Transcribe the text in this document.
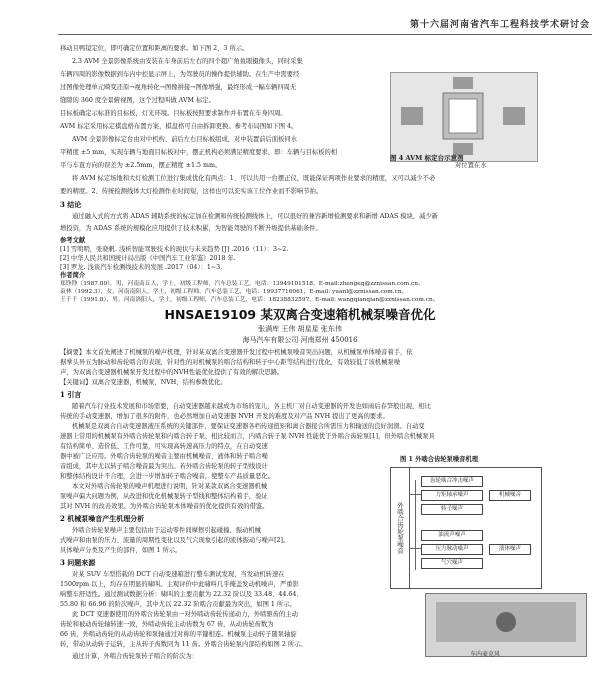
第十六届河南省汽车工程科技学术研讨会
移动且鸭镜定位，即可确定位置和距离的要求。如下图 2、3 所示。
2.3 AVM 全景影像系统由安装在车身前后左右的四个超广角鱼眼摄像头，同时采集
车辆四周的影像数据到车内中控显示屏上，为驾驶员的操作提供辅助。在生产中需要经
过图像处理单元畸变还原→视角转化→图像拼接→图像增强，最终形成一幅车辆四周无
缝隙的 360 度全景俯视图，这个过程叫做 AVM 标定。
目标板确定示标准的目标板，灯光环境。目标板按照要求制作并布置在车身四周。
AVM 标定采用标定棋盘格布置方案，棋盘格可自由拆卸更换。参考布局图如下图 4。
AVM 全景影像标定台由对中机构、前后左右目标板组成，对中装置前后面板同水
平精度 ±5 mm，实现车辆与地面目标板对中，摆正机构必须满足精度要求，即：车辆与目标板的相
平与车直方向的误差为 ±2.5mm，摆正精度 ±1.5 mm。
将 AVM 标定场地和大灯检测工位进行集成优化有两点：1、可以共用一台摆正仪，既能保证两项作业要求的精度，又可以减少不必
要的精度。2、传统检测线体大灯检测作业时间短，这样也可以充实该工位作业而不影响节拍。
图 4 AVM 标定台示意图
对位置在水
3 结论
通过融入式的方式将 ADAS 辅助系统的标定加在检测和传统检测线体上，可以很好的兼容新增检测要求和新增 ADAS 模块，减少新
增投资，为 ADAS 系统的规模化应用提供了技术积累，为智能驾驶的不断升级提供基础条件。
参考文献
[1] 雪明明，张晓帆. 浅析智能驾驶技术的现状与未来趋势 [J] .2016（11）：3~2.
[2] 中华人民共和国统计局出版《中国汽车工业年鉴》2018 年.
[3] 罗龙. 浅谈汽车检测线技术的发展 .2017（04）：1~3.
作者简介
郑铮铮（1987.09），男，河南南丘人，学士，初级工程师，汽车总装工艺，电话：13949101518，E-mail:zhengeq@zznissan.com.cn。
袁林（1992.3），女，河南南阳人，学士，初级工程师，汽车总装工艺，电话：19937716061，E-mail: yuanl@zznissan.com.cn。
王千千（1991.8），男，河南洛阳人，学士，初级工程师，汽车总装工艺，电话：18238832597，E-mail: wangqianqian@zznissan.com.cn。
HNSAE19109 某双离合变速箱机械泵噪音优化
张满库 王伟 胡星星 张东伟
海马汽车有限公司 河南郑州 450016
【摘要】本文首先阐述了机械泵的噪声机理，针对某双离合变速器开发过程中机械泵噪音突出问题，从机械泵单体噪音着手，依
据拳头异五为脉动和齿轮啮合的表现，针对性的对机械泵的啮合结构和转子中心距等结构进行优化，有效较低了该机械泵噪
声，为双离合变速器机械泵开发过程中的NVH性能优化提供了有效的解决思路。
【关键词】双离合变速器，机械泵，NVH，结构参数优化。
1 引言
随着汽车行业技术发展和市场需要，自动变速器越来越成为市场的宠儿，各主机厂对自动变速器的开发也如雨后春笋般出现，相比
传统的手动变速器，增加了很多的附件，也必然增加自动变速器 NVH 开发的难度及对产品 NVH 提出了更高的要求。
机械泵是双离合自动变速器液压系统的关键部件，要保证变速器各档传递扭矩和离合器接合所需压力和输送的良好润滑。自动变
速器上常用的机械泵有外啮合齿轮泵和内啮合转子泵，相比较而言，内啮合转子泵 NVH 性能优于外啮合齿轮泵[1]，但外啮合机械泵具
有结构简单、造价低、工作可靠，可实现高转速高压力的特点，在自动变速
器中被广泛应用。外啮合齿轮泵的噪音主要由机械噪音、液体和转子啮合噪
音组成，其中尤以转子啮合噪音最为突出。若外啮合齿轮泵的转子型线设计
和整体结构设计不合理，会进一步增加转子啮合噪音，使整车产品质量恶化。
本文对外啮合齿轮泵的噪声机理进行说明，针对某款双离合变速器机械
泵噪声偏大问题为例，从改进和优化机械泵转子型线和整体结构着手，验证
其对 NVH 的改善效果。为外啮合齿轮泵本体噪音的优化提供有效的借鉴。
2 机械泵噪音产生机理分析
外啮合齿轮泵噪声主要包括由于运动零件间摩擦引起碰撞、振动机械
式噪声和由泵的压力、流量的周期性变化以及气穴现象引起的流体振动与噪声[2]。
具体噪声分类及产生的部件，如图 1 所示。
3 问题来源
对某 SUV 车型搭载的 DCT 自动变速箱进行整车测试发现，当发动机转速在
1500rpm 以上，均存在明显的啸叫。主观评价中此啸叫几乎掩盖发动机噪声，严重影
响整车舒适性。通过测试数据分析：啸叫的主要贡献为 22.32 阶以及 33.48、44.64、
55.80 和 66.96 的阶次噪声，其中尤以 22.32 阶啮合贡献最为突出，如图 1 所示。
此 DCT 变速器使用的外啮合齿轮泵由一对外啮动齿轮传递动力，外啮驱齿的主动
齿轮和被动齿轮轴转速一致，外啮动齿轮主动齿数为 67 齿，从动齿轮齿数为
66 齿，外啮动齿轮的从动齿轮和泵轴通过对称的平键相连。机械泵主动转子随泵轴旋
转，带动从动转子运转，主从转子齿数同为 11 齿。外啮合齿轮泵内部结构如图 2 所示。
通过计算，外啮合齿轮泵转子啮合的阶次为：
图 1 外啮合齿轮泵噪音机理
外啮合齿轮泵噪音
齿轮啮合冲击噪声
机械噪音
力矩轴承噪声
转子噪声
油流声噪声
液体噪声
压力脉动噪声
气穴噪声
车内麦克风
